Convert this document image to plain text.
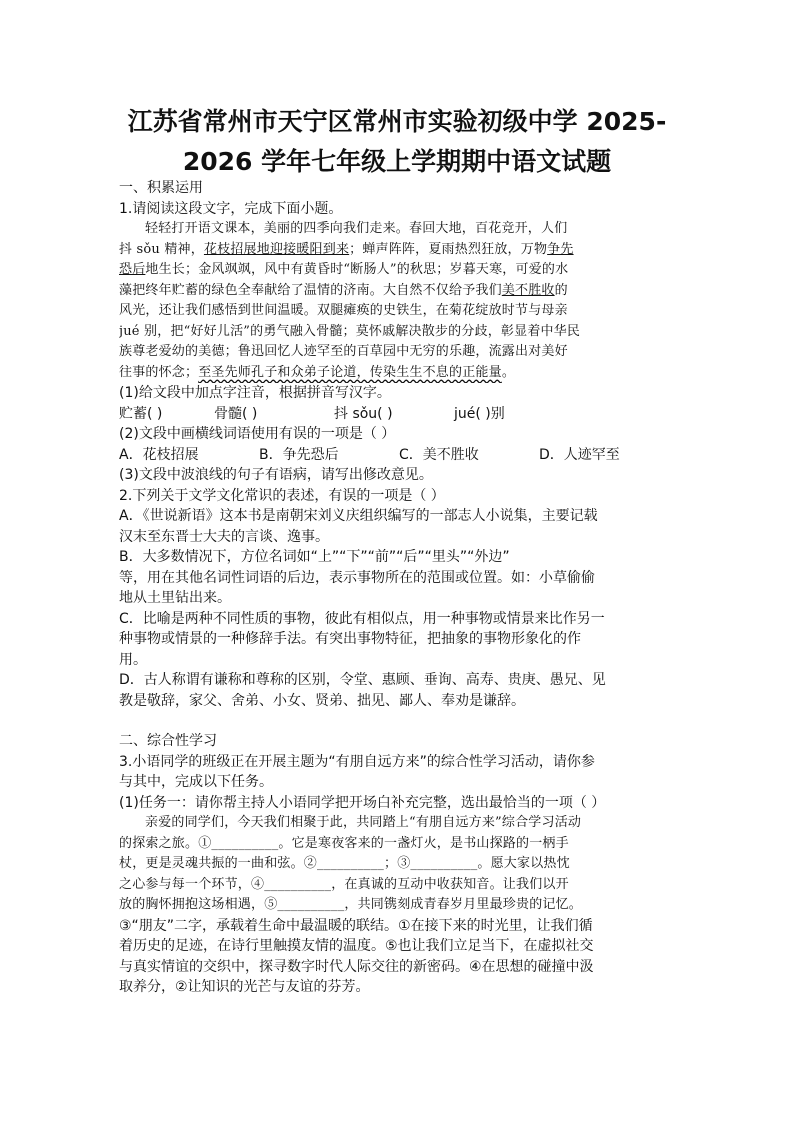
江苏省常州市天宁区常州市实验初级中学 2025-
2026 学年七年级上学期期中语文试题
一、积累运用
1.请阅读这段文字，完成下面小题。
轻轻打开语文课本，美丽的四季向我们走来。春回大地，百花竞开，人们
抖 sǒu 精神，花枝招展地迎接暖阳到来；蝉声阵阵，夏雨热烈狂放，万物争先
恐后地生长；金风飒飒，风中有黄昏时“断肠人”的秋思；岁暮天寒，可爱的水
藻把终年贮蓄的绿色全奉献给了温情的济南。大自然不仅给予我们美不胜收的
风光，还让我们感悟到世间温暖。双腿瘫痪的史铁生，在菊花绽放时节与母亲
jué 别，把“好好儿活”的勇气融入骨髓；莫怀戚解决散步的分歧，彰显着中华民
族尊老爱幼的美德；鲁迅回忆人迹罕至的百草园中无穷的乐趣，流露出对美好
往事的怀念；至圣先师孔子和众弟子论道，传染生生不息的正能量。
(1)给文段中加点字注音，根据拼音写汉字。
贮蓄( )	骨髓( )	抖 sǒu( )	jué( )别
(2)文段中画横线词语使用有误的一项是（ ）
A．花枝招展	B．争先恐后	C．美不胜收	D．人迹罕至
(3)文段中波浪线的句子有语病，请写出修改意见。
2.下列关于文学文化常识的表述，有误的一项是（ ）
A．《世说新语》这本书是南朝宋刘义庆组织编写的一部志人小说集，主要记载
汉末至东晋士大夫的言谈、逸事。
B．大多数情况下，方位名词如“上”“下”“前”“后”“里头”“外边”
等，用在其他名词性词语的后边，表示事物所在的范围或位置。如：小草偷偷
地从土里钻出来。
C．比喻是两种不同性质的事物，彼此有相似点，用一种事物或情景来比作另一
种事物或情景的一种修辞手法。有突出事物特征，把抽象的事物形象化的作
用。
D．古人称谓有谦称和尊称的区别，令堂、惠顾、垂询、高寿、贵庚、愚兄、见
教是敬辞，家父、舍弟、小女、贤弟、拙见、鄙人、奉劝是谦辞。
二、综合性学习
3.小语同学的班级正在开展主题为“有朋自远方来”的综合性学习活动，请你参
与其中，完成以下任务。
(1)任务一：请你帮主持人小语同学把开场白补充完整，选出最恰当的一项（ ）
亲爱的同学们，今天我们相聚于此，共同踏上“有朋自远方来”综合学习活动
的探索之旅。①__________。它是寒夜客来的一盏灯火，是书山探路的一柄手
杖，更是灵魂共振的一曲和弦。②__________；③__________。愿大家以热忱
之心参与每一个环节，④__________，在真诚的互动中收获知音。让我们以开
放的胸怀拥抱这场相遇，⑤__________，共同镌刻成青春岁月里最珍贵的记忆。
③“朋友”二字，承载着生命中最温暖的联结。①在接下来的时光里，让我们循
着历史的足迹，在诗行里触摸友情的温度。⑤也让我们立足当下，在虚拟社交
与真实情谊的交织中，探寻数字时代人际交往的新密码。④在思想的碰撞中汲
取养分，②让知识的光芒与友谊的芬芳。
